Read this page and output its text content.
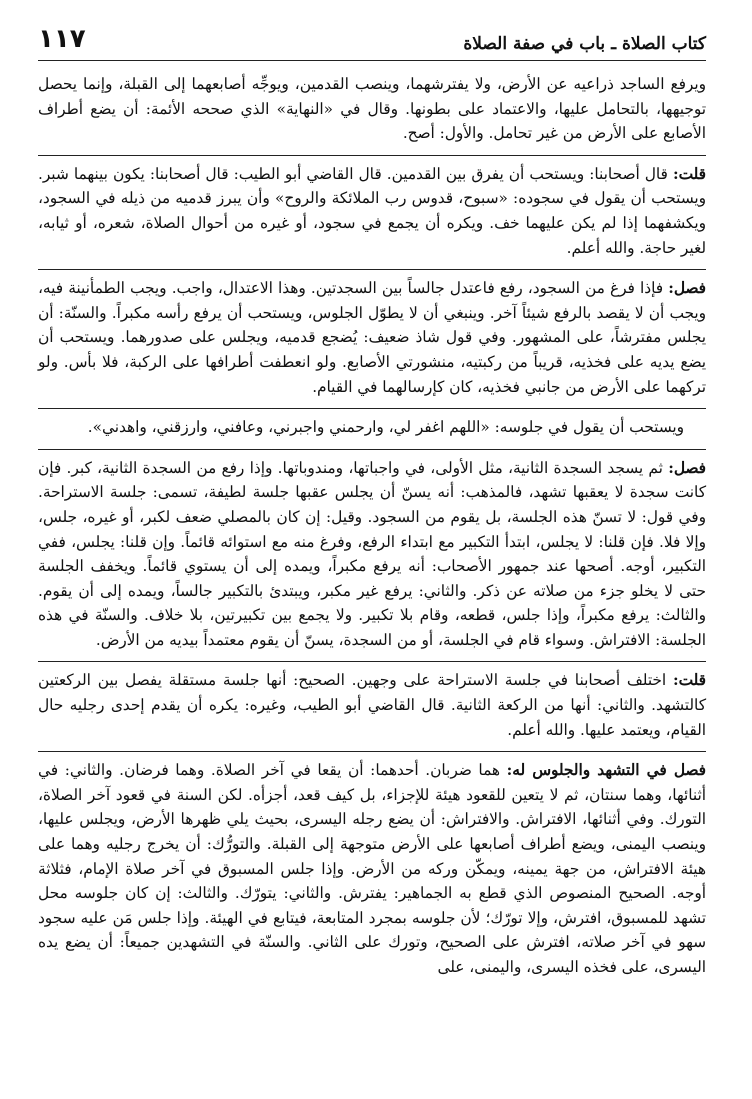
كتاب الصلاة ـ باب في صفة الصلاة
١١٧

ويرفع الساجد ذراعيه عن الأرض، ولا يفترشهما، وينصب القدمين، ويوجِّه أصابعهما إلى القبلة، وإنما يحصل توجيهها، بالتحامل عليها، والاعتماد على بطونها. وقال في «النهاية» الذي صححه الأئمة: أن يضع أطراف الأصابع على الأرض من غير تحامل. والأول: أصح.

قلت: قال أصحابنا: ويستحب أن يفرق بين القدمين. قال القاضي أبو الطيب: قال أصحابنا: يكون بينهما شبر. ويستحب أن يقول في سجوده: «سبوح، قدوس رب الملائكة والروح» وأن يبرز قدميه من ذيله في السجود، ويكشفهما إذا لم يكن عليهما خف. ويكره أن يجمع في سجود، أو غيره من أحوال الصلاة، شعره، أو ثيابه، لغير حاجة. والله أعلم.

فصل: فإذا فرغ من السجود، رفع فاعتدل جالساً بين السجدتين. وهذا الاعتدال، واجب. ويجب الطمأنينة فيه، ويجب أن لا يقصد بالرفع شيئاً آخر. وينبغي أن لا يطوّل الجلوس، ويستحب أن يرفع رأسه مكبراً. والسنّة: أن يجلس مفترشاً، على المشهور. وفي قول شاذ ضعيف: يُضجع قدميه، ويجلس على صدورهما. ويستحب أن يضع يديه على فخذيه، قريباً من ركبتيه، منشورتي الأصابع. ولو انعطفت أطرافها على الركبة، فلا بأس. ولو تركهما على الأرض من جانبي فخذيه، كان كإرسالهما في القيام.

ويستحب أن يقول في جلوسه: «اللهم اغفر لي، وارحمني واجبرني، وعافني، وارزقني، واهدني».

فصل: ثم يسجد السجدة الثانية، مثل الأولى، في واجباتها، ومندوباتها. وإذا رفع من السجدة الثانية، كبر. فإن كانت سجدة لا يعقبها تشهد، فالمذهب: أنه يسنّ أن يجلس عقبها جلسة لطيفة، تسمى: جلسة الاستراحة. وفي قول: لا تسنّ هذه الجلسة، بل يقوم من السجود. وقيل: إن كان بالمصلي ضعف لكبر، أو غيره، جلس، وإلا فلا. فإن قلنا: لا يجلس، ابتدأ التكبير مع ابتداء الرفع، وفرغ منه مع استوائه قائماً. وإن قلنا: يجلس، ففي التكبير، أوجه. أصحها عند جمهور الأصحاب: أنه يرفع مكبراً، ويمده إلى أن يستوي قائماً. ويخفف الجلسة حتى لا يخلو جزء من صلاته عن ذكر. والثاني: يرفع غير مكبر، ويبتدئ بالتكبير جالساً، ويمده إلى أن يقوم. والثالث: يرفع مكبراً، وإذا جلس، قطعه، وقام بلا تكبير. ولا يجمع بين تكبيرتين، بلا خلاف. والسنّة في هذه الجلسة: الافتراش. وسواء قام في الجلسة، أو من السجدة، يسنّ أن يقوم معتمداً بيديه من الأرض.

قلت: اختلف أصحابنا في جلسة الاستراحة على وجهين. الصحيح: أنها جلسة مستقلة يفصل بين الركعتين كالتشهد. والثاني: أنها من الركعة الثانية. قال القاضي أبو الطيب، وغيره: يكره أن يقدم إحدى رجليه حال القيام، ويعتمد عليها. والله أعلم.

فصل في التشهد والجلوس له: هما ضربان. أحدهما: أن يقعا في آخر الصلاة. وهما فرضان. والثاني: في أثنائها، وهما سنتان، ثم لا يتعين للقعود هيئة للإجزاء، بل كيف قعد، أجزأه. لكن السنة في قعود آخر الصلاة، التورك. وفي أثنائها، الافتراش. والافتراش: أن يضع رجله اليسرى، بحيث يلي ظهرها الأرض، ويجلس عليها، وينصب اليمنى، ويضع أطراف أصابعها على الأرض متوجهة إلى القبلة. والتورُّك: أن يخرج رجليه وهما على هيئة الافتراش، من جهة يمينه، ويمكّن وركه من الأرض. وإذا جلس المسبوق في آخر صلاة الإمام، فثلاثة أوجه. الصحيح المنصوص الذي قطع به الجماهير: يفترش. والثاني: يتورّك. والثالث: إن كان جلوسه محل تشهد للمسبوق، افترش، وإلا تورّك؛ لأن جلوسه بمجرد المتابعة، فيتابع في الهيئة. وإذا جلس مَن عليه سجود سهو في آخر صلاته، افترش على الصحيح، وتورك على الثاني. والسنّة في التشهدين جميعاً: أن يضع يده اليسرى، على فخذه اليسرى، واليمنى، على
